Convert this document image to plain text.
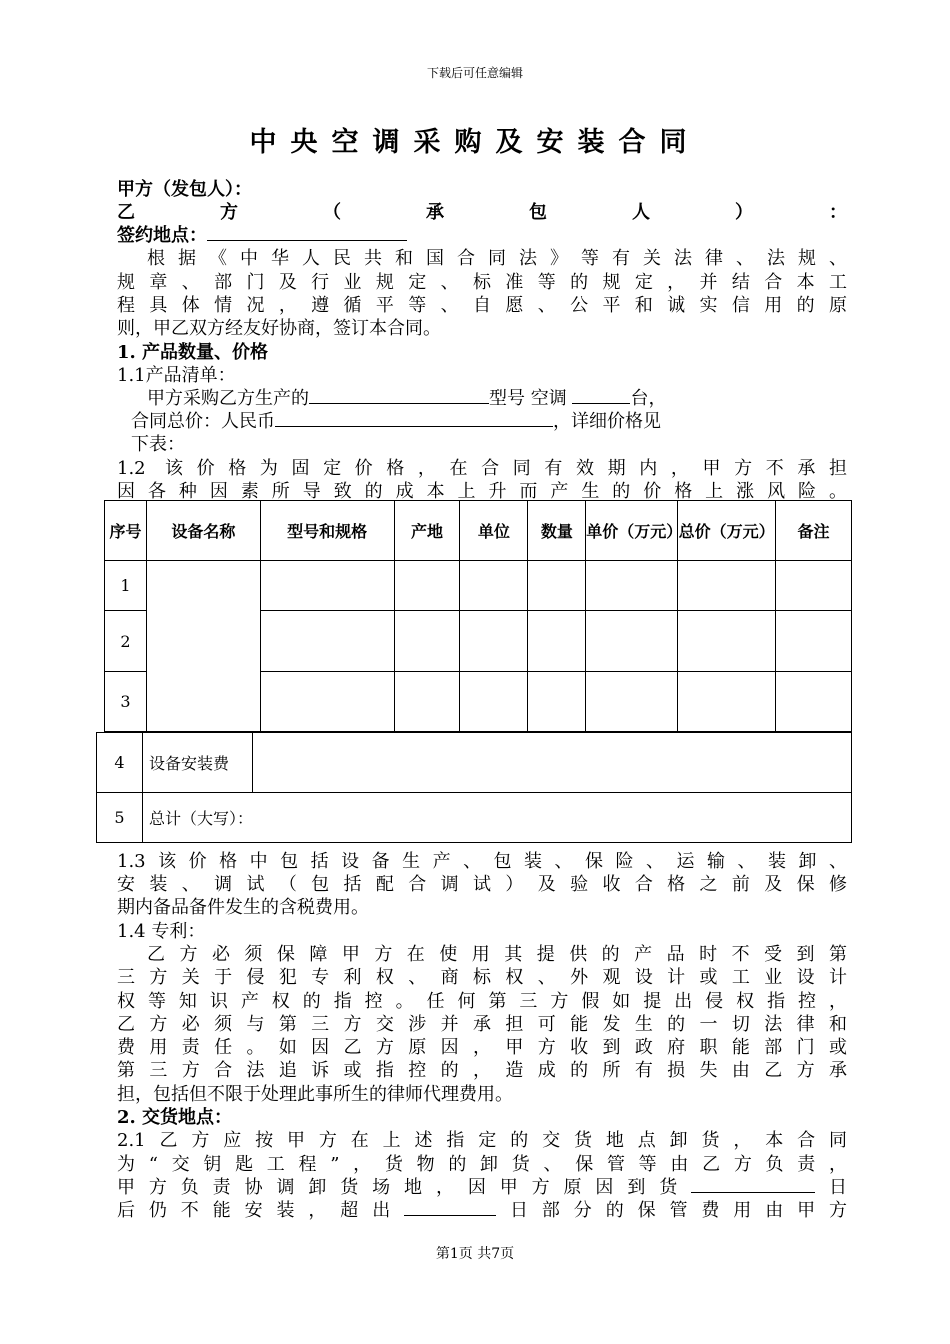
下载后可任意编辑
中央空调采购及安装合同
甲方（发包人）：
乙方（承包人）：
签约地点：
根据《中华人民共和国合同法》等有关法律、法规、
规章、部门及行业规定、标准等的规定，并结合本工
程具体情况，遵循平等、自愿、公平和诚实信用的原
则，甲乙双方经友好协商，签订本合同。
1. 产品数量、价格
1.1产品清单：
甲方采购乙方生产的	型号 空调	台，
合同总价：人民币	，详细价格见
下表：
1.2 该价格为固定价格，在合同有效期内，甲方不承担
因各种因素所导致的成本上升而产生的价格上涨风险。
序号	设备名称	型号和规格	产地	单位	数量	单价（万元）	总价（万元）	备注
1								
2								
3								
4	设备安装费	
5	总计（大写）：	
1.3该价格中包括设备生产、包装、保险、运输、装卸、
安装、调试（包括配合调试）及验收合格之前及保修
期内备品备件发生的含税费用。
1.4 专利：
乙方必须保障甲方在使用其提供的产品时不受到第
三方关于侵犯专利权、商标权、外观设计或工业设计
权等知识产权的指控。任何第三方假如提出侵权指控，
乙方必须与第三方交涉并承担可能发生的一切法律和
费用责任。如因乙方原因，甲方收到政府职能部门或
第三方合法追诉或指控的，造成的所有损失由乙方承
担，包括但不限于处理此事所生的律师代理费用。
2. 交货地点：
2.1乙方应按甲方在上述指定的交货地点卸货，本合同
为“交钥匙工程”，货物的卸货、保管等由乙方负责，
甲方负责协调卸货场地，因甲方原因到货	日
后仍不能安装，超出	日部分的保管费用由甲方
第1页 共7页
